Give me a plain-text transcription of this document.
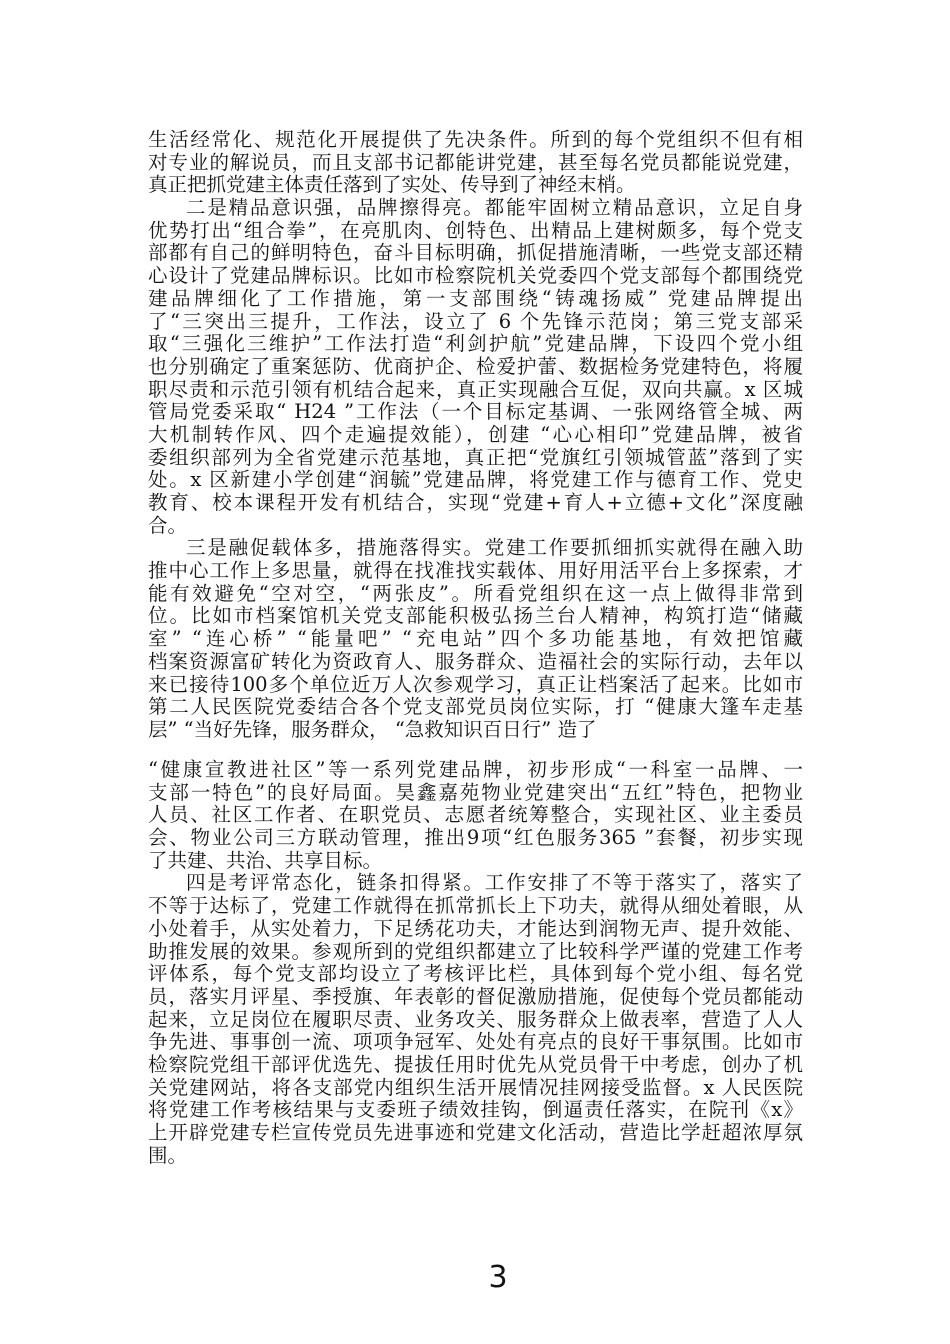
生活经常化、规范化开展提供了先决条件。所到的每个党组织不但有相
对专业的解说员，而且支部书记都能讲党建，甚至每名党员都能说党建，
真正把抓党建主体责任落到了实处、传导到了神经末梢。
二是精品意识强，品牌擦得亮。都能牢固树立精品意识，立足自身
优势打出“组合拳”，在亮肌肉、创特色、出精品上建树颇多，每个党支
部都有自己的鲜明特色，奋斗目标明确，抓促措施清晰，一些党支部还精
心设计了党建品牌标识。比如市检察院机关党委四个党支部每个都围绕党
建品牌细化了工作措施，第一支部围绕“铸魂扬威” 党建品牌提出
了“三突出三提升，工作法，设立了 6 个先锋示范岗；第三党支部采
取“三强化三维护”工作法打造“利剑护航”党建品牌，下设四个党小组
也分别确定了重案惩防、优商护企、检爱护蕾、数据检务党建特色，将履
职尽责和示范引领有机结合起来，真正实现融合互促，双向共赢。x 区城
管局党委采取“ H24 ”工作法（一个目标定基调、一张网络管全城、两
大机制转作风、四个走遍提效能），创建 “心心相印”党建品牌，被省
委组织部列为全省党建示范基地，真正把“党旗红引领城管蓝”落到了实
处。x 区新建小学创建“润毓”党建品牌，将党建工作与德育工作、党史
教育、校本课程开发有机结合，实现“党建+育人+立德+文化”深度融
合。
三是融促载体多，措施落得实。党建工作要抓细抓实就得在融入助
推中心工作上多思量，就得在找准找实载体、用好用活平台上多探索，才
能有效避免“空对空，“两张皮”。所看党组织在这一点上做得非常到
位。比如市档案馆机关党支部能积极弘扬兰台人精神，构筑打造“储藏
室” “连心桥” “能量吧” “充电站”四个多功能基地，有效把馆藏
档案资源富矿转化为资政育人、服务群众、造福社会的实际行动，去年以
来已接待100多个单位近万人次参观学习，真正让档案活了起来。比如市
第二人民医院党委结合各个党支部党员岗位实际，打 “健康大篷车走基
层” “当好先锋，服务群众， “急救知识百日行” 造了
“健康宣教进社区”等一系列党建品牌，初步形成“一科室一品牌、一
支部一特色”的良好局面。昊鑫嘉苑物业党建突出“五红”特色，把物业
人员、社区工作者、在职党员、志愿者统筹整合，实现社区、业主委员
会、物业公司三方联动管理，推出9项“红色服务365 ”套餐，初步实现
了共建、共治、共享目标。
四是考评常态化，链条扣得紧。工作安排了不等于落实了，落实了
不等于达标了，党建工作就得在抓常抓长上下功夫，就得从细处着眼，从
小处着手，从实处着力，下足绣花功夫，才能达到润物无声、提升效能、
助推发展的效果。参观所到的党组织都建立了比较科学严谨的党建工作考
评体系，每个党支部均设立了考核评比栏，具体到每个党小组、每名党
员，落实月评星、季授旗、年表彰的督促激励措施，促使每个党员都能动
起来，立足岗位在履职尽责、业务攻关、服务群众上做表率，营造了人人
争先进、事事创一流、项项争冠军、处处有亮点的良好干事氛围。比如市
检察院党组干部评优选先、提拔任用时优先从党员骨干中考虑，创办了机
关党建网站，将各支部党内组织生活开展情况挂网接受监督。x 人民医院
将党建工作考核结果与支委班子绩效挂钩，倒逼责任落实，在院刊《x》
上开辟党建专栏宣传党员先进事迹和党建文化活动，营造比学赶超浓厚氛
围。
3
